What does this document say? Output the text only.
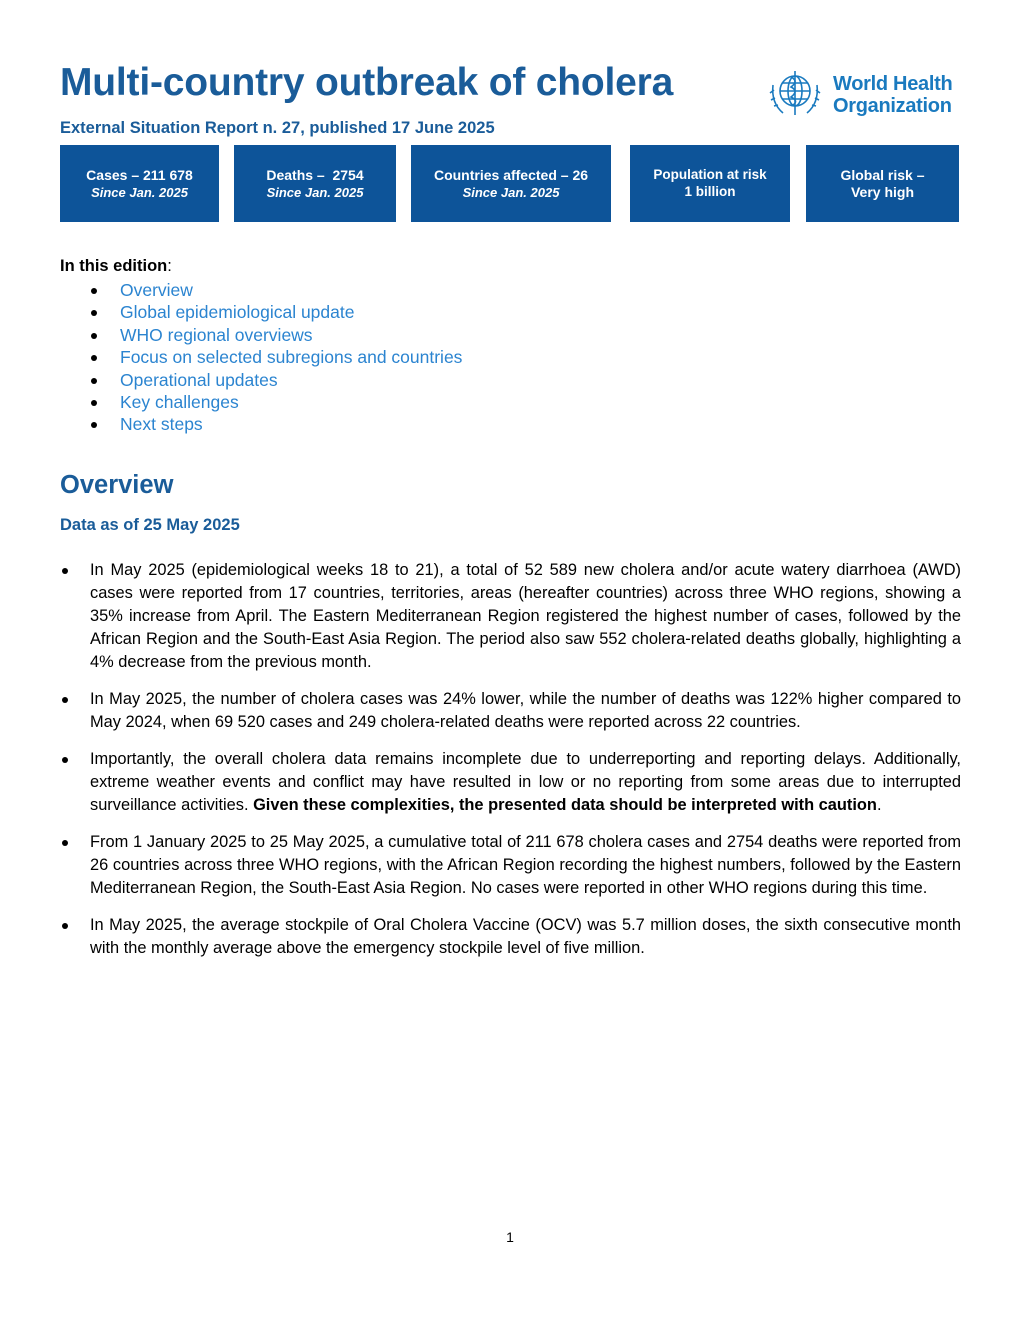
Multi-country outbreak of cholera

External Situation Report n. 27, published 17 June 2025

World Health
Organization
Cases – 211 678
Since Jan. 2025
Deaths –  2754
Since Jan. 2025
Countries affected – 26
Since Jan. 2025
Population at risk
1 billion
Global risk –
Very high

In this edition:

Overview
Global epidemiological update
WHO regional overviews
Focus on selected subregions and countries
Operational updates
Key challenges
Next steps
Overview
Data as of 25 May 2025
In May 2025 (epidemiological weeks 18 to 21), a total of 52 589 new cholera and/or acute watery diarrhoea (AWD) cases were reported from 17 countries, territories, areas (hereafter countries) across three WHO regions, showing a 35% increase from April. The Eastern Mediterranean Region registered the highest number of cases, followed by the African Region and the South-East Asia Region. The period also saw 552 cholera-related deaths globally, highlighting a 4% decrease from the previous month.
In May 2025, the number of cholera cases was 24% lower, while the number of deaths was 122% higher compared to May 2024, when 69 520 cases and 249 cholera-related deaths were reported across 22 countries.
Importantly, the overall cholera data remains incomplete due to underreporting and reporting delays. Additionally, extreme weather events and conflict may have resulted in low or no reporting from some areas due to interrupted surveillance activities. Given these complexities, the presented data should be interpreted with caution.
From 1 January 2025 to 25 May 2025, a cumulative total of 211 678 cholera cases and 2754 deaths were reported from 26 countries across three WHO regions, with the African Region recording the highest numbers, followed by the Eastern Mediterranean Region, the South-East Asia Region. No cases were reported in other WHO regions during this time.
In May 2025, the average stockpile of Oral Cholera Vaccine (OCV) was 5.7 million doses, the sixth consecutive month with the monthly average above the emergency stockpile level of five million.
1
